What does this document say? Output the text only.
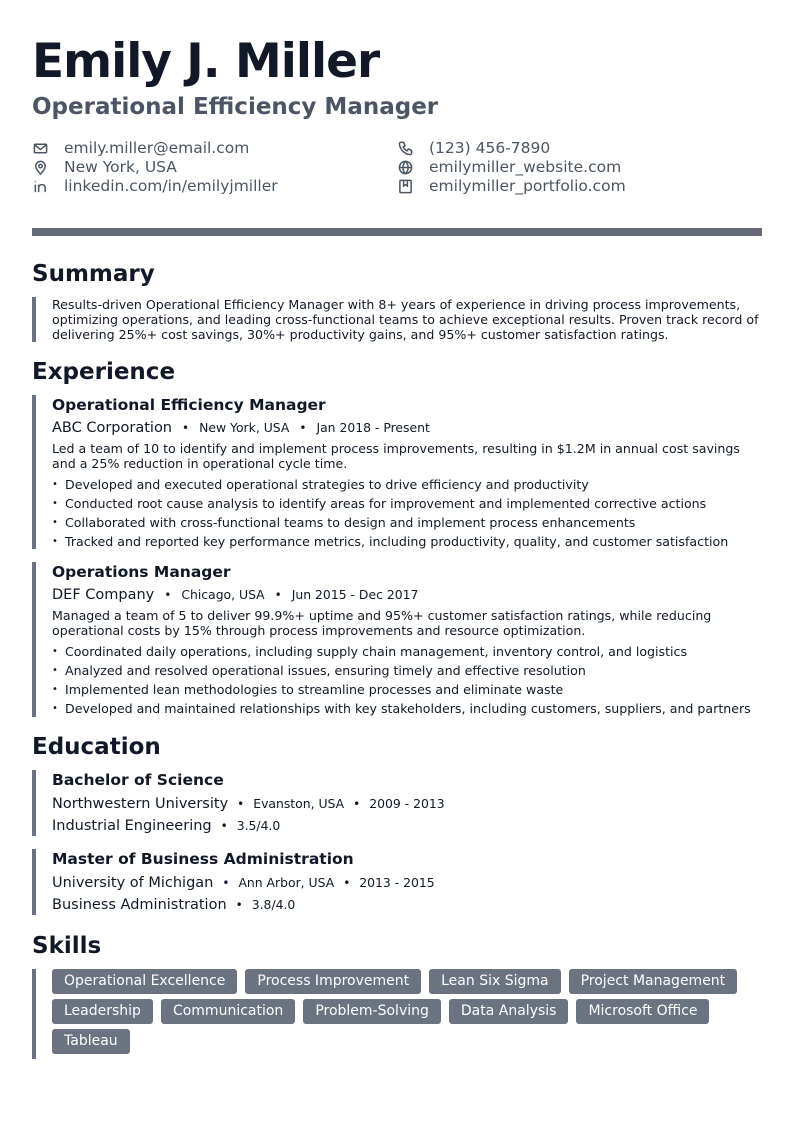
Emily J. Miller
Operational Efficiency Manager
emily.miller@email.com
New York, USA
linkedin.com/in/emilyjmiller
(123) 456-7890
emilymiller_website.com
emilymiller_portfolio.com
Summary
Results-driven Operational Efficiency Manager with 8+ years of experience in driving process improvements, optimizing operations, and leading cross-functional teams to achieve exceptional results. Proven track record of delivering 25%+ cost savings, 30%+ productivity gains, and 95%+ customer satisfaction ratings.
Experience
Operational Efficiency Manager
ABC Corporation • New York, USA • Jan 2018 - Present
Led a team of 10 to identify and implement process improvements, resulting in $1.2M in annual cost savings and a 25% reduction in operational cycle time.
• Developed and executed operational strategies to drive efficiency and productivity
• Conducted root cause analysis to identify areas for improvement and implemented corrective actions
• Collaborated with cross-functional teams to design and implement process enhancements
• Tracked and reported key performance metrics, including productivity, quality, and customer satisfaction
Operations Manager
DEF Company • Chicago, USA • Jun 2015 - Dec 2017
Managed a team of 5 to deliver 99.9%+ uptime and 95%+ customer satisfaction ratings, while reducing operational costs by 15% through process improvements and resource optimization.
• Coordinated daily operations, including supply chain management, inventory control, and logistics
• Analyzed and resolved operational issues, ensuring timely and effective resolution
• Implemented lean methodologies to streamline processes and eliminate waste
• Developed and maintained relationships with key stakeholders, including customers, suppliers, and partners
Education
Bachelor of Science
Northwestern University • Evanston, USA • 2009 - 2013
Industrial Engineering • 3.5/4.0
Master of Business Administration
University of Michigan • Ann Arbor, USA • 2013 - 2015
Business Administration • 3.8/4.0
Skills
Operational Excellence	Process Improvement	Lean Six Sigma	Project Management
Leadership	Communication	Problem-Solving	Data Analysis	Microsoft Office
Tableau
